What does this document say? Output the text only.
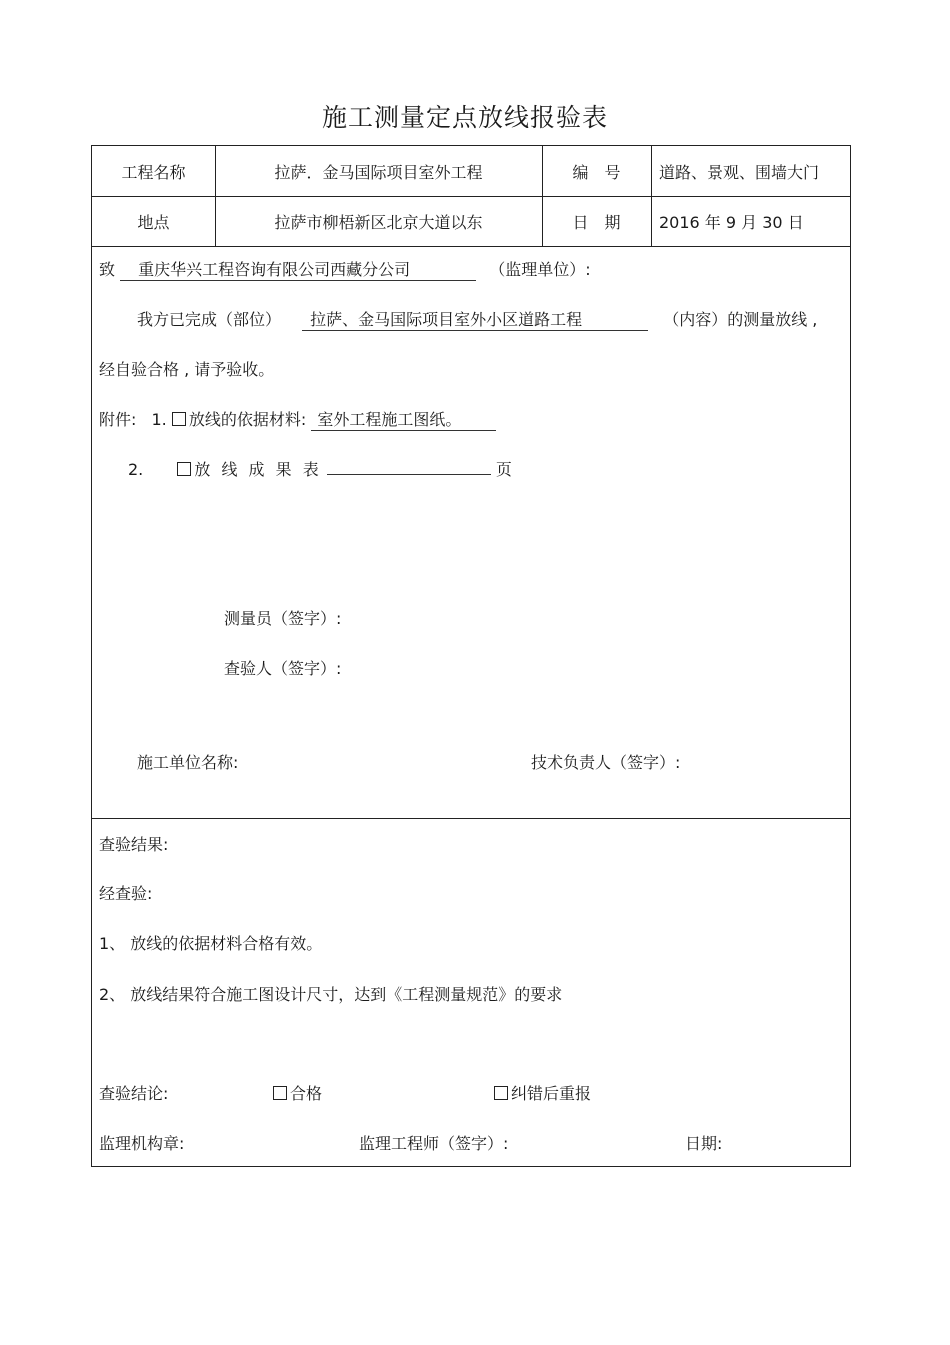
施工测量定点放线报验表
工程名称	拉萨．金马国际项目室外工程	编　号	道路、景观、围墙大门
地点	拉萨市柳梧新区北京大道以东	日　期	2016 年 9 月 30 日
致 重庆华兴工程咨询有限公司西藏分公司	（监理单位）:
我方已完成（部位） 拉萨、金马国际项目室外小区道路工程	（内容）的测量放线 ,
经自验合格 , 请予验收。
附件: 1. 放线的依据材料: 室外工程施工图纸。
2.	放 线 成 果 表	页
测量员（签字）:
查验人（签字）:
施工单位名称:	技术负责人（签字）:
查验结果:
经查验:
1、 放线的依据材料合格有效。
2、 放线结果符合施工图设计尺寸，达到《工程测量规范》的要求
查验结论:	合格	纠错后重报
监理机构章:	监理工程师（签字）:	日期:
